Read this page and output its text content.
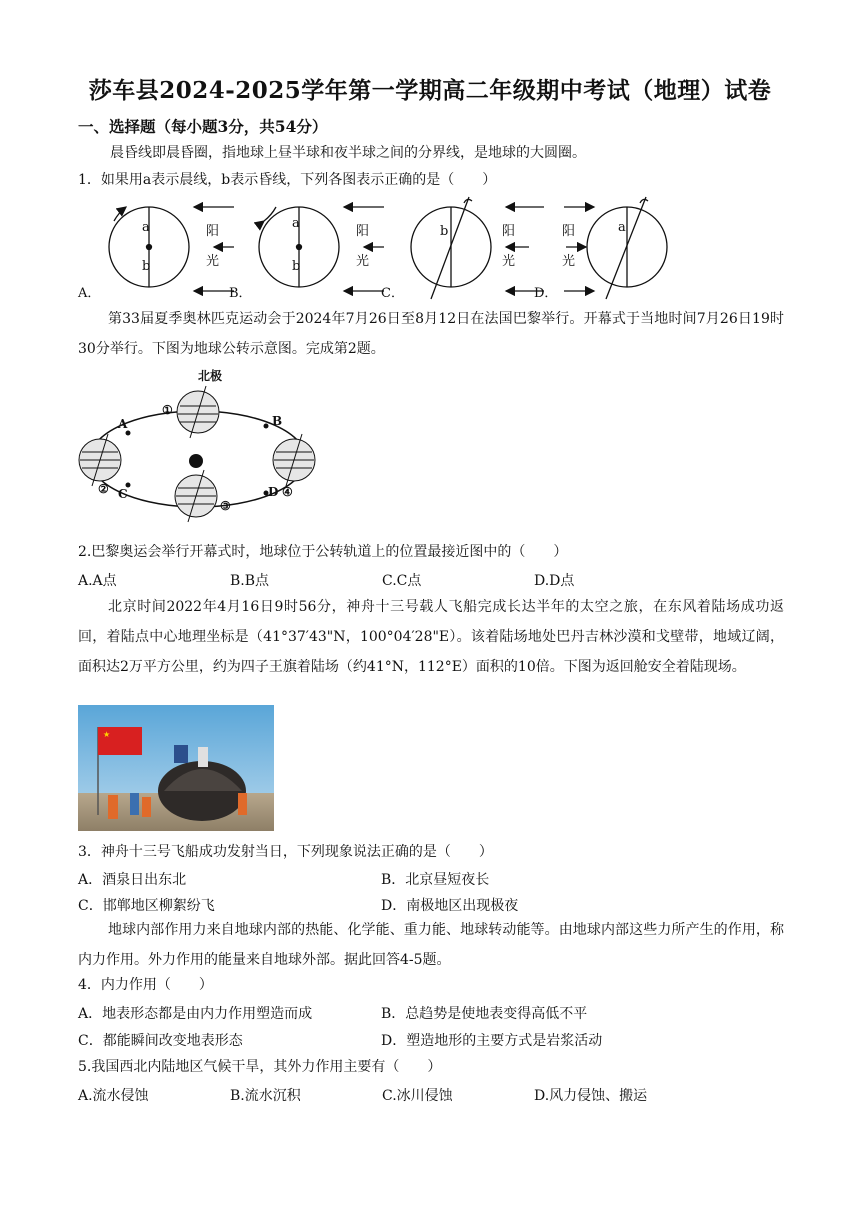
莎车县2024-2025学年第一学期高二年级期中考试（地理）试卷
一、选择题（每小题3分，共54分）
晨昏线即晨昏圈，指地球上昼半球和夜半球之间的分界线，是地球的大圆圈。
1．如果用a表示晨线，b表示昏线，下列各图表示正确的是（　　）
a
b
阳
光
a
b
阳
光
b	阳
光
a
阳
光
A．	B．	C．	D．
第33届夏季奥林匹克运动会于2024年7月26日至8月12日在法国巴黎举行。开幕式于当地时间7月26日19时30分举行。下图为地球公转示意图。完成第2题。
北极
A	B
C	D
①
②
③
④
2.巴黎奥运会举行开幕式时，地球位于公转轨道上的位置最接近图中的（　　）
A.A点	B.B点	C.C点	D.D点
北京时间2022年4月16日9时56分，神舟十三号载人飞船完成长达半年的太空之旅，在东风着陆场成功返回，着陆点中心地理坐标是（41°37′43"N，100°04′28"E）。该着陆场地处巴丹吉林沙漠和戈壁带，地域辽阔，面积达2万平方公里，约为四子王旗着陆场（约41°N，112°E）面积的10倍。下图为返回舱安全着陆现场。
★
3．神舟十三号飞船成功发射当日，下列现象说法正确的是（　　）
A．酒泉日出东北	B．北京昼短夜长
C．邯郸地区柳絮纷飞	D．南极地区出现极夜
地球内部作用力来自地球内部的热能、化学能、重力能、地球转动能等。由地球内部这些力所产生的作用，称内力作用。外力作用的能量来自地球外部。据此回答4-5题。
4．内力作用（　　）
A．地表形态都是由内力作用塑造而成	B．总趋势是使地表变得高低不平
C．都能瞬间改变地表形态	D．塑造地形的主要方式是岩浆活动
5.我国西北内陆地区气候干旱，其外力作用主要有（　　）
A.流水侵蚀	B.流水沉积	C.冰川侵蚀	D.风力侵蚀、搬运
